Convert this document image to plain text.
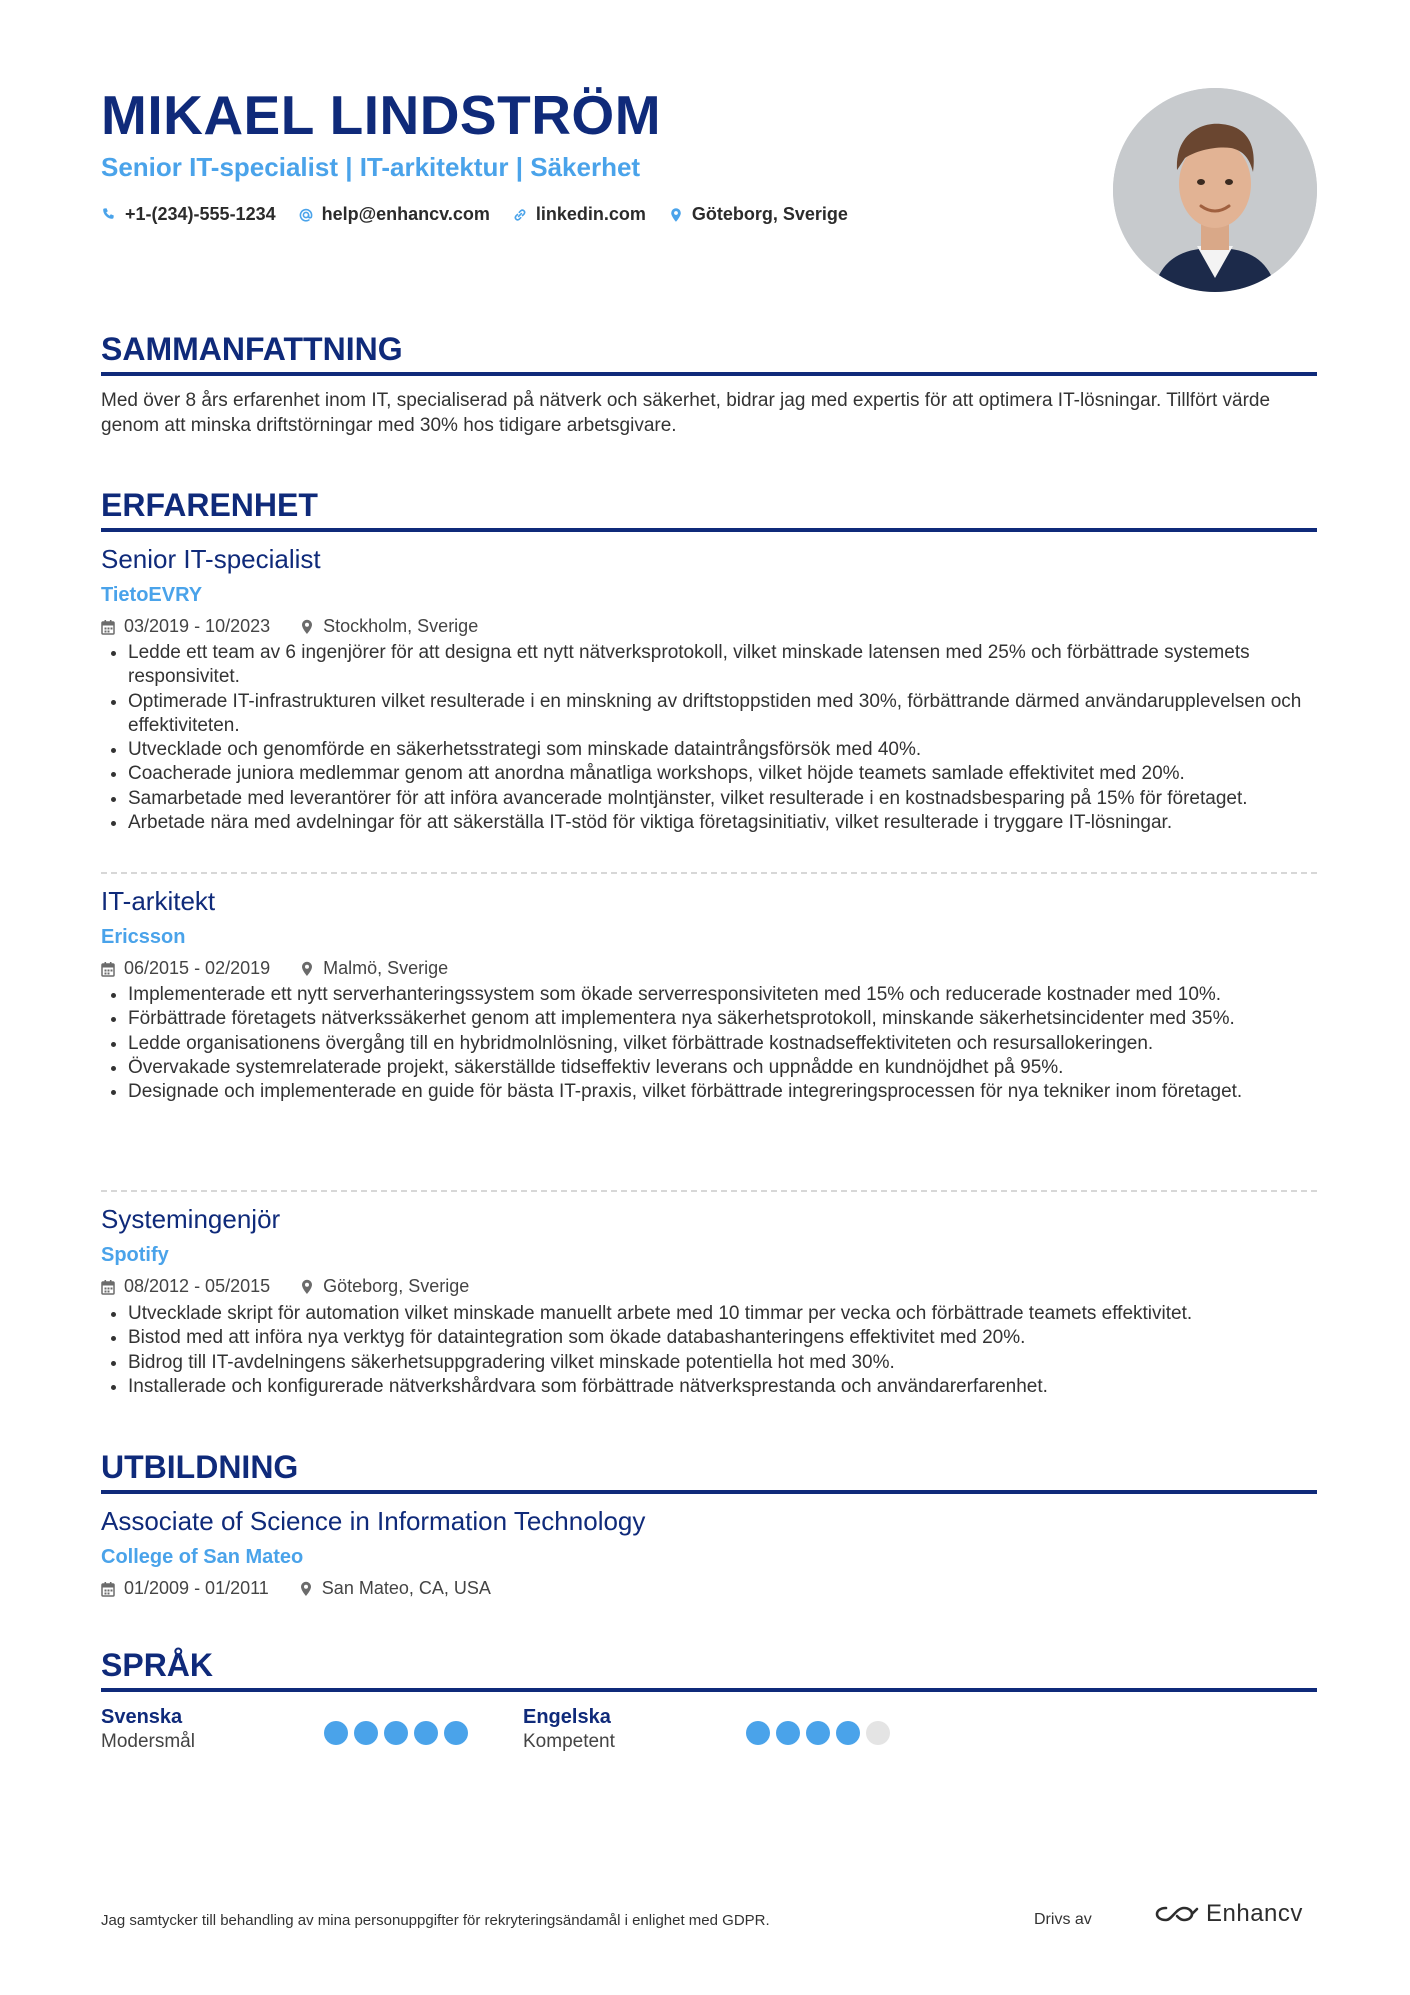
MIKAEL LINDSTRÖM

Senior IT-specialist | IT-arkitektur | Säkerhet

+1-(234)-555-1234	help@enhancv.com	linkedin.com	Göteborg, Sverige
SAMMANFATTNING

Med över 8 års erfarenhet inom IT, specialiserad på nätverk och säkerhet, bidrar jag med expertis för att optimera IT-lösningar. Tillfört värde genom att minska driftstörningar med 30% hos tidigare arbetsgivare.

ERFARENHET
Senior IT-specialist

TietoEVRY

03/2019 - 10/2023	Stockholm, Sverige
• Ledde ett team av 6 ingenjörer för att designa ett nytt nätverksprotokoll, vilket minskade latensen med 25% och förbättrade systemets responsivitet.
• Optimerade IT-infrastrukturen vilket resulterade i en minskning av driftstoppstiden med 30%, förbättrande därmed användarupplevelsen och effektiviteten.
• Utvecklade och genomförde en säkerhetsstrategi som minskade dataintrångsförsök med 40%.
• Coacherade juniora medlemmar genom att anordna månatliga workshops, vilket höjde teamets samlade effektivitet med 20%.
• Samarbetade med leverantörer för att införa avancerade molntjänster, vilket resulterade i en kostnadsbesparing på 15% för företaget.
• Arbetade nära med avdelningar för att säkerställa IT-stöd för viktiga företagsinitiativ, vilket resulterade i tryggare IT-lösningar.
IT-arkitekt

Ericsson

06/2015 - 02/2019	Malmö, Sverige
• Implementerade ett nytt serverhanteringssystem som ökade serverresponsiviteten med 15% och reducerade kostnader med 10%.
• Förbättrade företagets nätverkssäkerhet genom att implementera nya säkerhetsprotokoll, minskande säkerhetsincidenter med 35%.
• Ledde organisationens övergång till en hybridmolnlösning, vilket förbättrade kostnadseffektiviteten och resursallokeringen.
• Övervakade systemrelaterade projekt, säkerställde tidseffektiv leverans och uppnådde en kundnöjdhet på 95%.
• Designade och implementerade en guide för bästa IT-praxis, vilket förbättrade integreringsprocessen för nya tekniker inom företaget.
Systemingenjör

Spotify

08/2012 - 05/2015	Göteborg, Sverige
• Utvecklade skript för automation vilket minskade manuellt arbete med 10 timmar per vecka och förbättrade teamets effektivitet.
• Bistod med att införa nya verktyg för dataintegration som ökade databashanteringens effektivitet med 20%.
• Bidrog till IT-avdelningens säkerhetsuppgradering vilket minskade potentiella hot med 30%.
• Installerade och konfigurerade nätverkshårdvara som förbättrade nätverksprestanda och användarerfarenhet.
UTBILDNING
Associate of Science in Information Technology

College of San Mateo

01/2009 - 01/2011	San Mateo, CA, USA
SPRÅK

Svenska

Modersmål

Engelska

Kompetent

Jag samtycker till behandling av mina personuppgifter för rekryteringsändamål i enlighet med GDPR.	Drivs av	Enhancv
